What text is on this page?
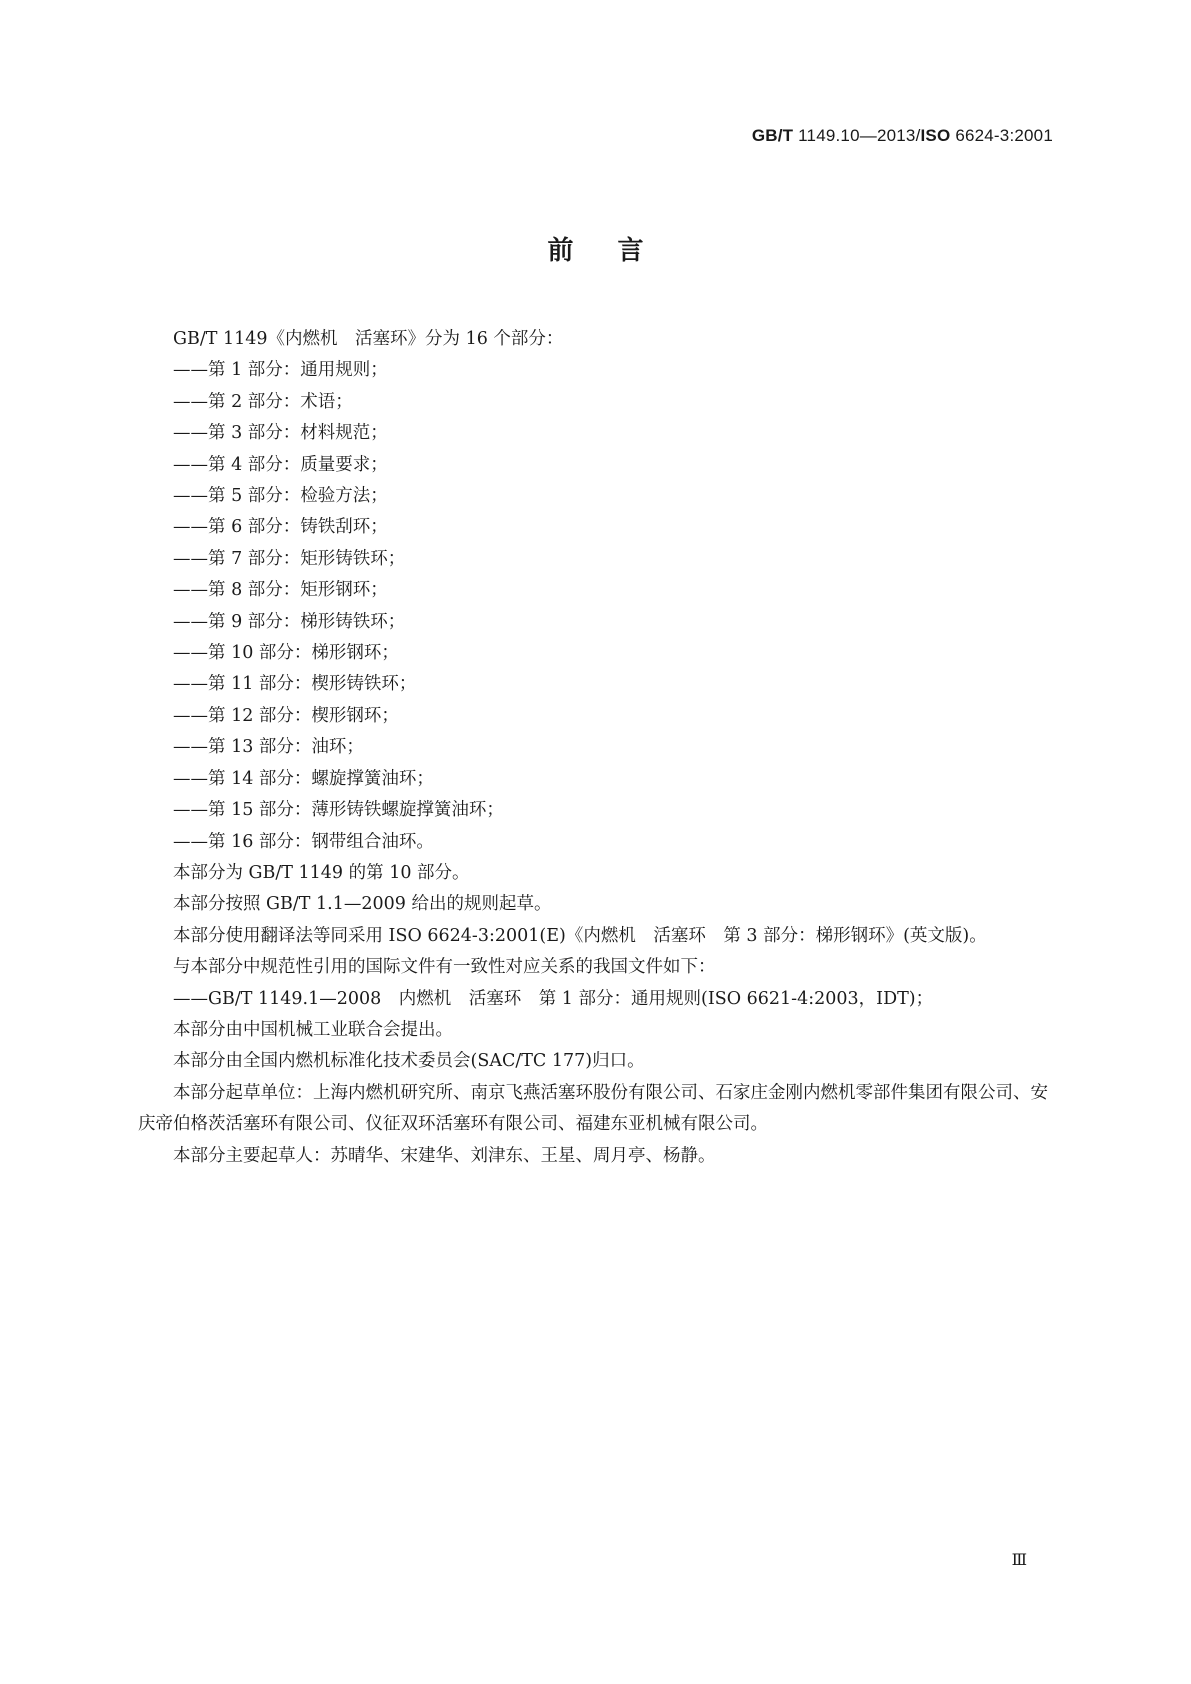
GB/T 1149.10—2013/ISO 6624-3:2001
前言

GB/T 1149《内燃机　活塞环》分为 16 个部分：

——第 1 部分：通用规则；

——第 2 部分：术语；

——第 3 部分：材料规范；

——第 4 部分：质量要求；

——第 5 部分：检验方法；

——第 6 部分：铸铁刮环；

——第 7 部分：矩形铸铁环；

——第 8 部分：矩形钢环；

——第 9 部分：梯形铸铁环；

——第 10 部分：梯形钢环；

——第 11 部分：楔形铸铁环；

——第 12 部分：楔形钢环；

——第 13 部分：油环；

——第 14 部分：螺旋撑簧油环；

——第 15 部分：薄形铸铁螺旋撑簧油环；

——第 16 部分：钢带组合油环。

本部分为 GB/T 1149 的第 10 部分。

本部分按照 GB/T 1.1—2009 给出的规则起草。

本部分使用翻译法等同采用 ISO 6624-3:2001(E)《内燃机　活塞环　第 3 部分：梯形钢环》(英文版)。

与本部分中规范性引用的国际文件有一致性对应关系的我国文件如下：

——GB/T 1149.1—2008　内燃机　活塞环　第 1 部分：通用规则(ISO 6621-4:2003，IDT)；

本部分由中国机械工业联合会提出。

本部分由全国内燃机标准化技术委员会(SAC/TC 177)归口。

本部分起草单位：上海内燃机研究所、南京飞燕活塞环股份有限公司、石家庄金刚内燃机零部件集团有限公司、安庆帝伯格茨活塞环有限公司、仪征双环活塞环有限公司、福建东亚机械有限公司。

本部分主要起草人：苏晴华、宋建华、刘津东、王星、周月亭、杨静。

Ⅲ
